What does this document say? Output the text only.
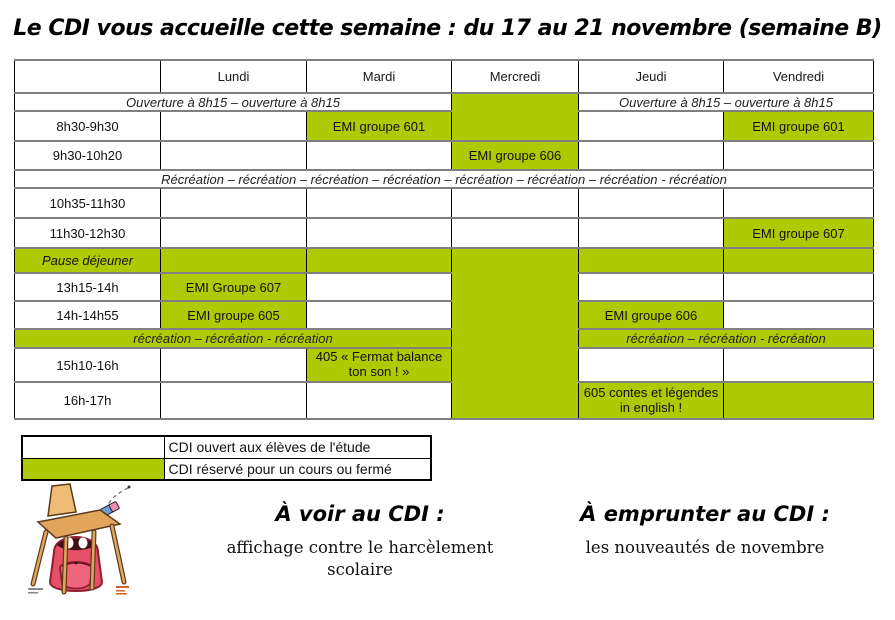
Le CDI vous accueille cette semaine : du 17 au 21 novembre (semaine B)
	Lundi	Mardi	Mercredi	Jeudi	Vendredi
Ouverture à 8h15 – ouverture à 8h15				Ouverture à 8h15 – ouverture à 8h15	
8h30-9h30		EMI groupe 601			EMI groupe 601
9h30-10h20			EMI groupe 606		
Récréation – récréation – récréation – récréation – récréation – récréation – récréation - récréation					
10h35-11h30					
11h30-12h30					EMI groupe 607
Pause déjeuner					
13h15-14h	EMI Groupe 607				
14h-14h55	EMI groupe 605			EMI groupe 606	
récréation – récréation - récréation				récréation – récréation - récréation	
15h10-16h		405 « Fermat balance ton son ! »			
16h-17h				605 contes et légendes in english !	
	CDI ouvert aux élèves de l'étude
	CDI réservé pour un cours ou fermé
À voir au CDI :
affichage contre le harcèlement scolaire
À emprunter au CDI :
les nouveautés de novembre
